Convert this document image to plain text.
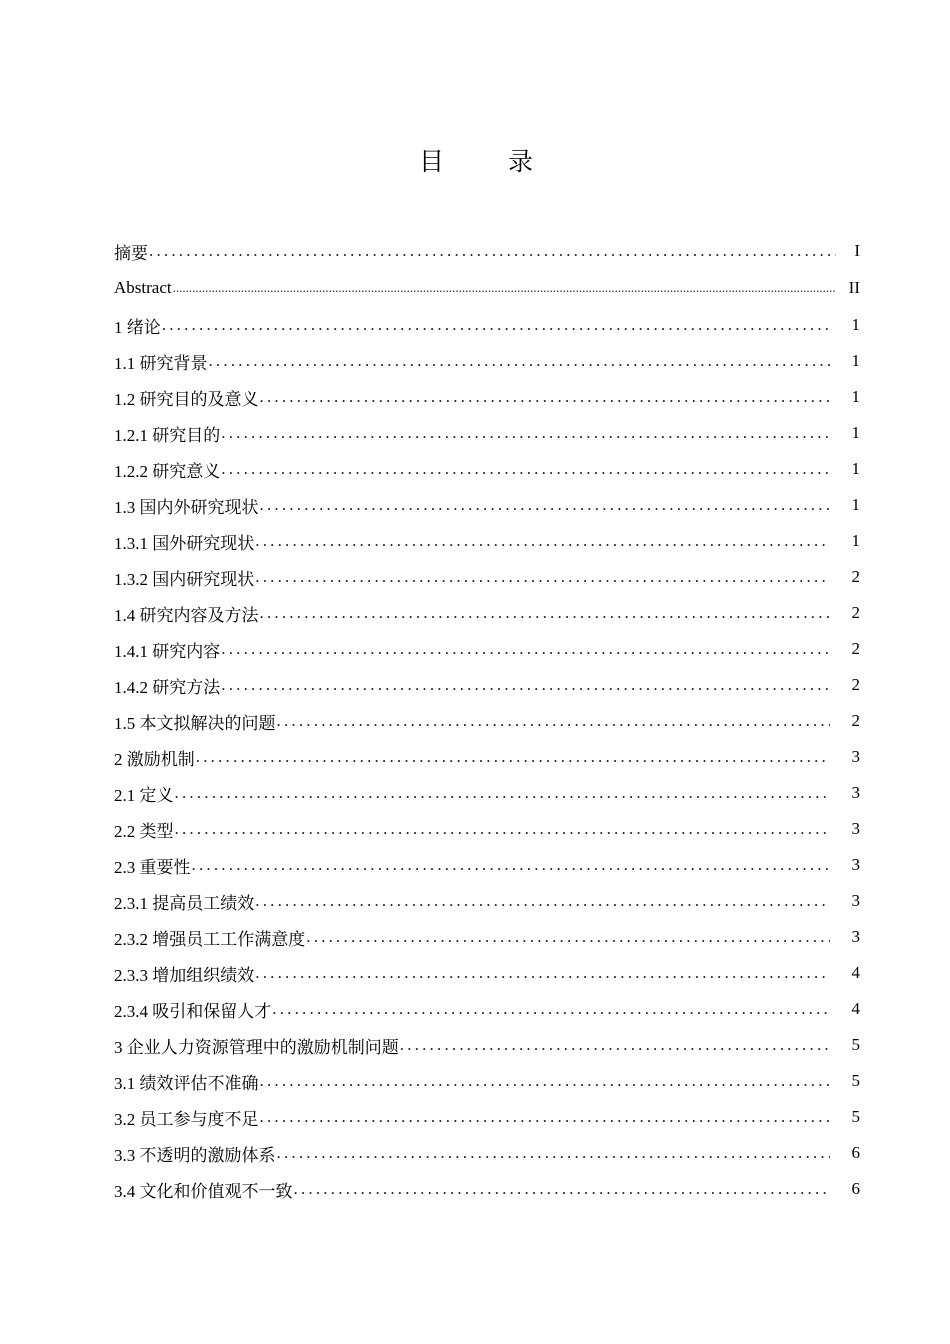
目 录
摘要 .....	I
Abstract .....	II
1 绪论 .....	1
1.1 研究背景 .....	1
1.2 研究目的及意义 .....	1
1.2.1 研究目的 .....	1
1.2.2 研究意义 .....	1
1.3 国内外研究现状 .....	1
1.3.1 国外研究现状 .....	1
1.3.2 国内研究现状 .....	2
1.4 研究内容及方法 .....	2
1.4.1 研究内容 .....	2
1.4.2 研究方法 .....	2
1.5 本文拟解决的问题 .....	2
2 激励机制 .....	3
2.1 定义 .....	3
2.2 类型 .....	3
2.3 重要性 .....	3
2.3.1 提高员工绩效 .....	3
2.3.2 增强员工工作满意度 .....	3
2.3.3 增加组织绩效 .....	4
2.3.4 吸引和保留人才 .....	4
3 企业人力资源管理中的激励机制问题 .....	5
3.1 绩效评估不准确 .....	5
3.2 员工参与度不足 .....	5
3.3 不透明的激励体系 .....	6
3.4 文化和价值观不一致 .....	6
